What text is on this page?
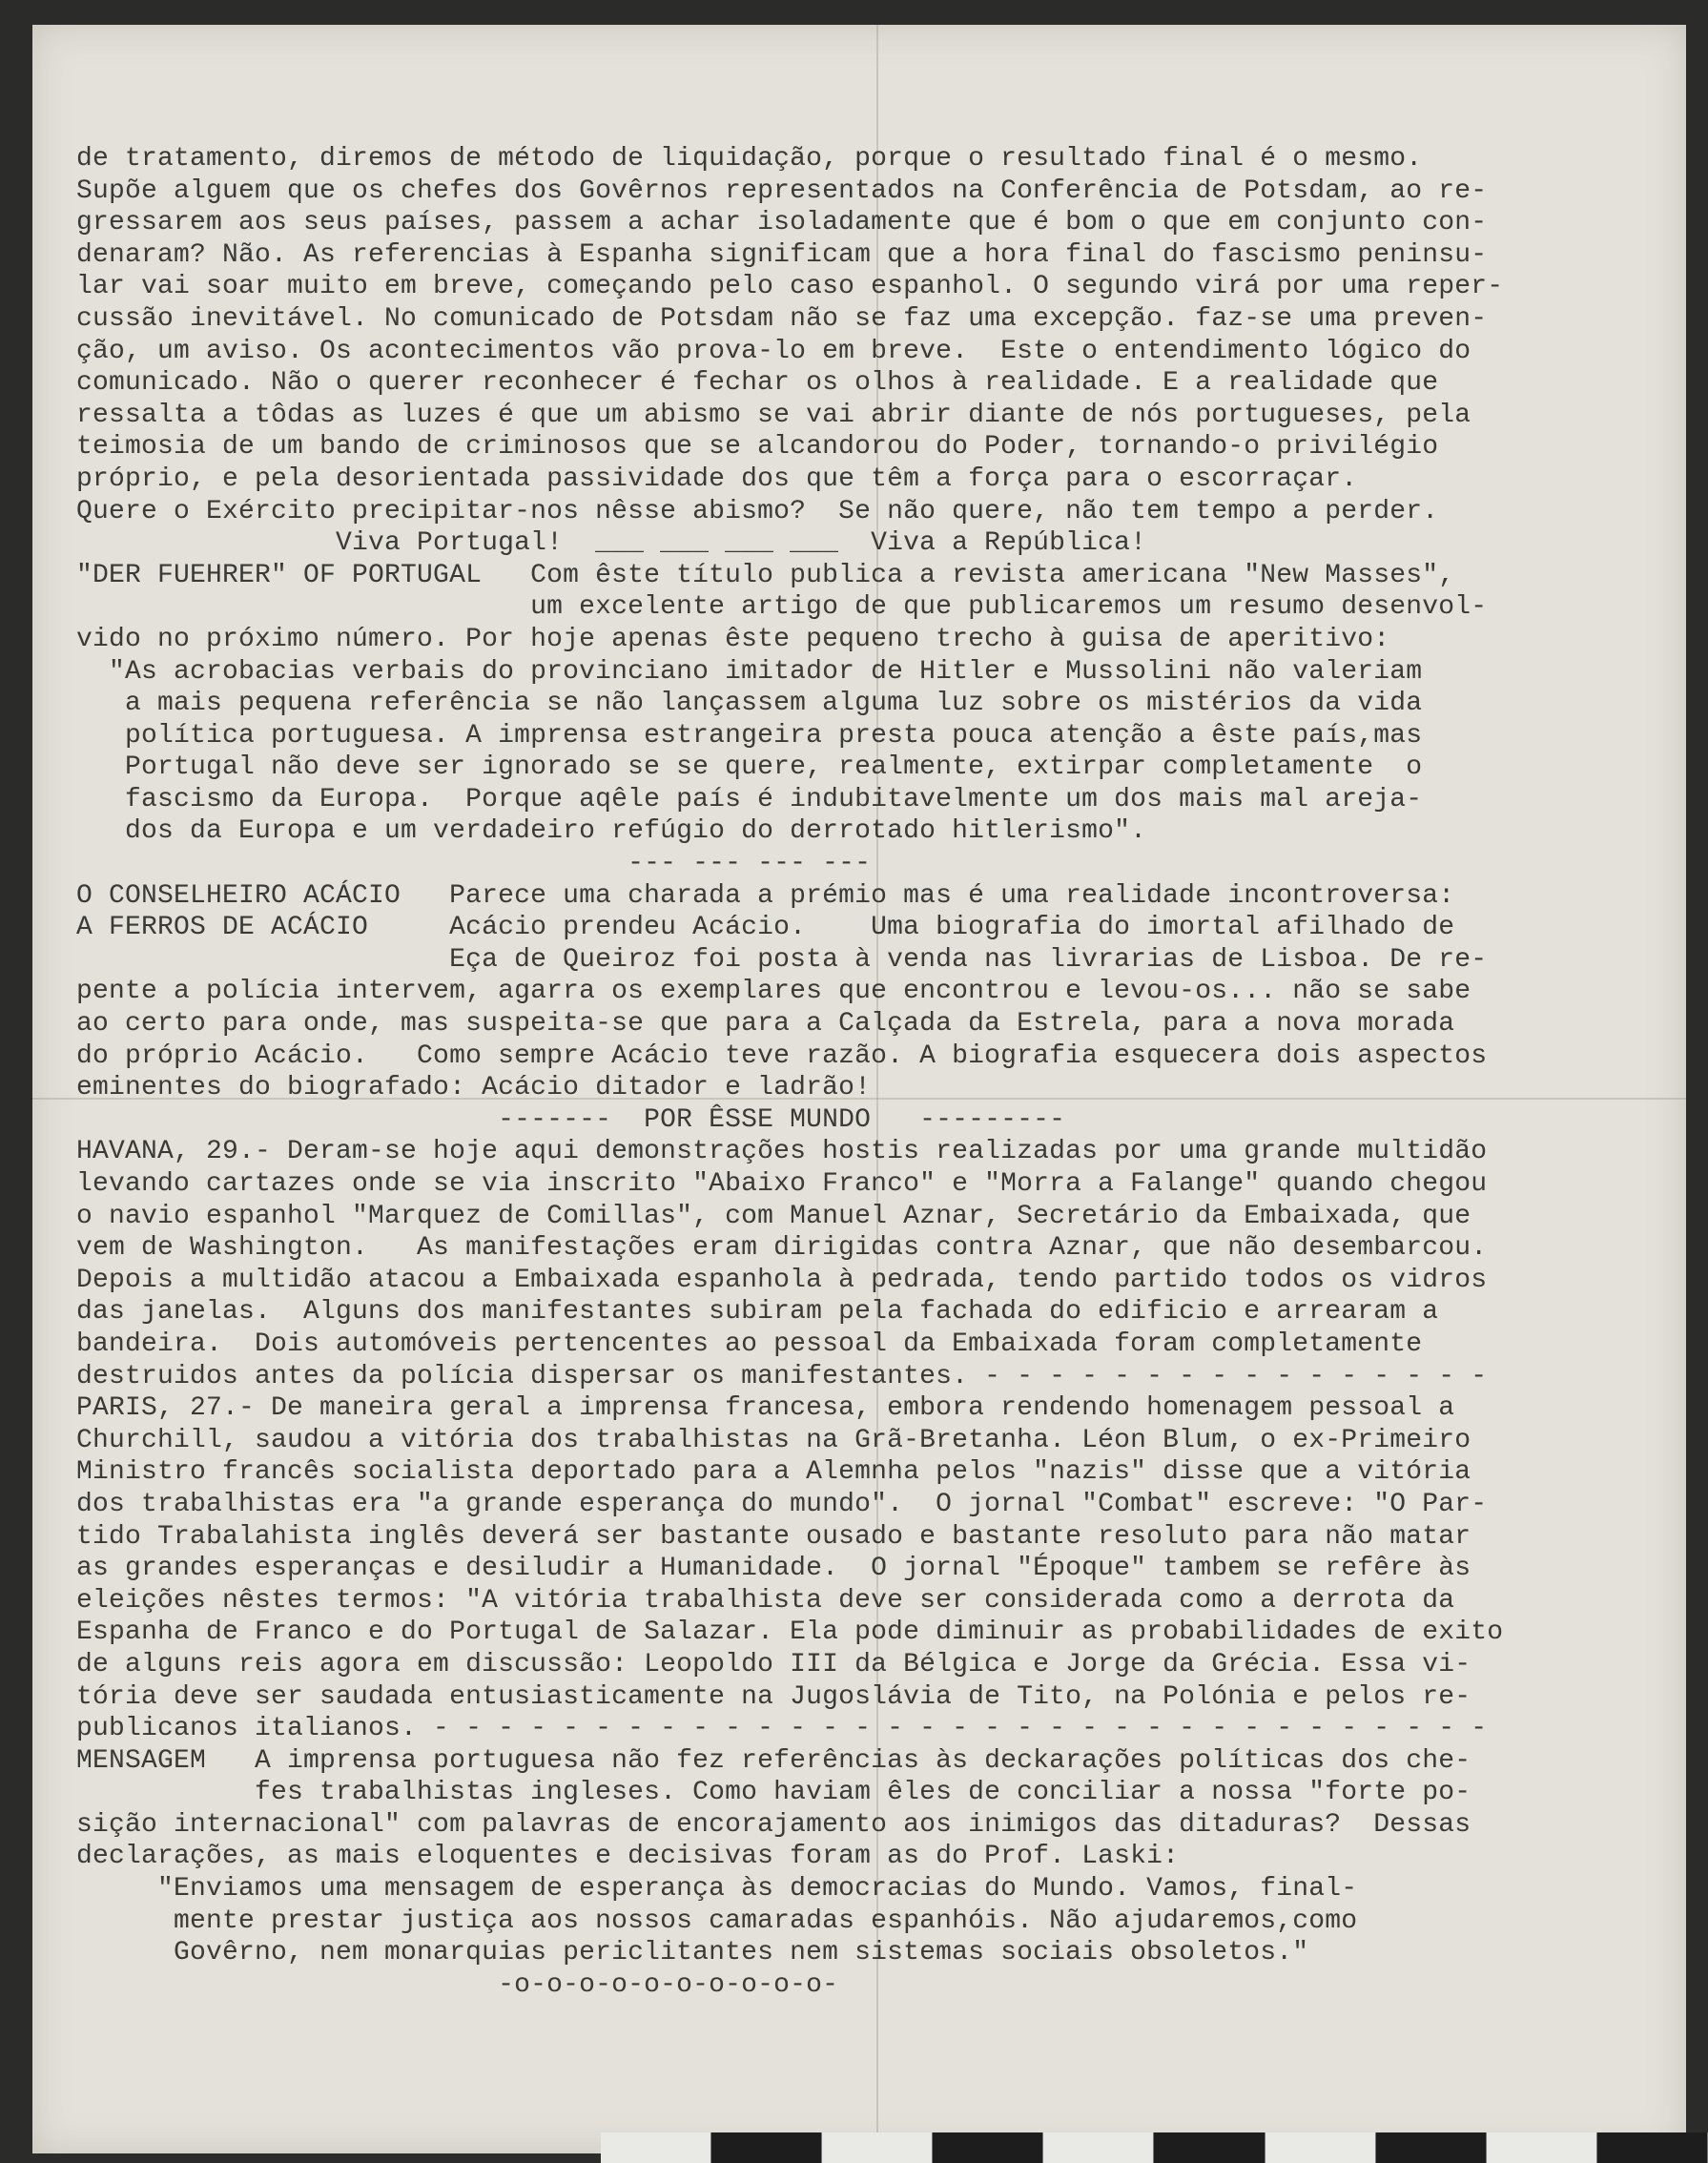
de tratamento, diremos de método de liquidação, porque o resultado final é o mesmo.
Supõe alguem que os chefes dos Govêrnos representados na Conferência de Potsdam, ao re-
gressarem aos seus países, passem a achar isoladamente que é bom o que em conjunto con-
denaram? Não. As referencias à Espanha significam que a hora final do fascismo peninsu-
lar vai soar muito em breve, começando pelo caso espanhol. O segundo virá por uma reper-
cussão inevitável. No comunicado de Potsdam não se faz uma excepção. faz-se uma preven-
ção, um aviso. Os acontecimentos vão prova-lo em breve.  Este o entendimento lógico do
comunicado. Não o querer reconhecer é fechar os olhos à realidade. E a realidade que
ressalta a tôdas as luzes é que um abismo se vai abrir diante de nós portugueses, pela
teimosia de um bando de criminosos que se alcandorou do Poder, tornando-o privilégio
próprio, e pela desorientada passividade dos que têm a força para o escorraçar.
Quere o Exército precipitar-nos nêsse abismo?  Se não quere, não tem tempo a perder.
Viva Portugal!  ___ ___ ___ ___  Viva a República!
"DER FUEHRER" OF PORTUGAL   Com êste título publica a revista americana "New Masses",
um excelente artigo de que publicaremos um resumo desenvol-
vido no próximo número. Por hoje apenas êste pequeno trecho à guisa de aperitivo:
"As acrobacias verbais do provinciano imitador de Hitler e Mussolini não valeriam
a mais pequena referência se não lançassem alguma luz sobre os mistérios da vida
política portuguesa. A imprensa estrangeira presta pouca atenção a êste país,mas
Portugal não deve ser ignorado se se quere, realmente, extirpar completamente  o
fascismo da Europa.  Porque aqêle país é indubitavelmente um dos mais mal areja-
dos da Europa e um verdadeiro refúgio do derrotado hitlerismo".
--- --- --- ---
O CONSELHEIRO ACÁCIO   Parece uma charada a prémio mas é uma realidade incontroversa:
A FERROS DE ACÁCIO     Acácio prendeu Acácio.    Uma biografia do imortal afilhado de
Eça de Queiroz foi posta à venda nas livrarias de Lisboa. De re-
pente a polícia intervem, agarra os exemplares que encontrou e levou-os... não se sabe
ao certo para onde, mas suspeita-se que para a Calçada da Estrela, para a nova morada
do próprio Acácio.   Como sempre Acácio teve razão. A biografia esquecera dois aspectos
eminentes do biografado: Acácio ditador e ladrão!
-------  POR ÊSSE MUNDO   ---------
HAVANA, 29.- Deram-se hoje aqui demonstrações hostis realizadas por uma grande multidão
levando cartazes onde se via inscrito "Abaixo Franco" e "Morra a Falange" quando chegou
o navio espanhol "Marquez de Comillas", com Manuel Aznar, Secretário da Embaixada, que
vem de Washington.   As manifestações eram dirigidas contra Aznar, que não desembarcou.
Depois a multidão atacou a Embaixada espanhola à pedrada, tendo partido todos os vidros
das janelas.  Alguns dos manifestantes subiram pela fachada do edificio e arrearam a
bandeira.  Dois automóveis pertencentes ao pessoal da Embaixada foram completamente
destruidos antes da polícia dispersar os manifestantes. - - - - - - - - - - - - - - - -
PARIS, 27.- De maneira geral a imprensa francesa, embora rendendo homenagem pessoal a
Churchill, saudou a vitória dos trabalhistas na Grã-Bretanha. Léon Blum, o ex-Primeiro
Ministro francês socialista deportado para a Alemnha pelos "nazis" disse que a vitória
dos trabalhistas era "a grande esperança do mundo".  O jornal "Combat" escreve: "O Par-
tido Trabalahista inglês deverá ser bastante ousado e bastante resoluto para não matar
as grandes esperanças e desiludir a Humanidade.  O jornal "Époque" tambem se refêre às
eleições nêstes termos: "A vitória trabalhista deve ser considerada como a derrota da
Espanha de Franco e do Portugal de Salazar. Ela pode diminuir as probabilidades de exito
de alguns reis agora em discussão: Leopoldo III da Bélgica e Jorge da Grécia. Essa vi-
tória deve ser saudada entusiasticamente na Jugoslávia de Tito, na Polónia e pelos re-
publicanos italianos. - - - - - - - - - - - - - - - - - - - - - - - - - - - - - - - - -
MENSAGEM   A imprensa portuguesa não fez referências às deckarações políticas dos che-
fes trabalhistas ingleses. Como haviam êles de conciliar a nossa "forte po-
sição internacional" com palavras de encorajamento aos inimigos das ditaduras?  Dessas
declarações, as mais eloquentes e decisivas foram as do Prof. Laski:
"Enviamos uma mensagem de esperança às democracias do Mundo. Vamos, final-
mente prestar justiça aos nossos camaradas espanhóis. Não ajudaremos,como
Govêrno, nem monarquias periclitantes nem sistemas sociais obsoletos."
-o-o-o-o-o-o-o-o-o-o-
